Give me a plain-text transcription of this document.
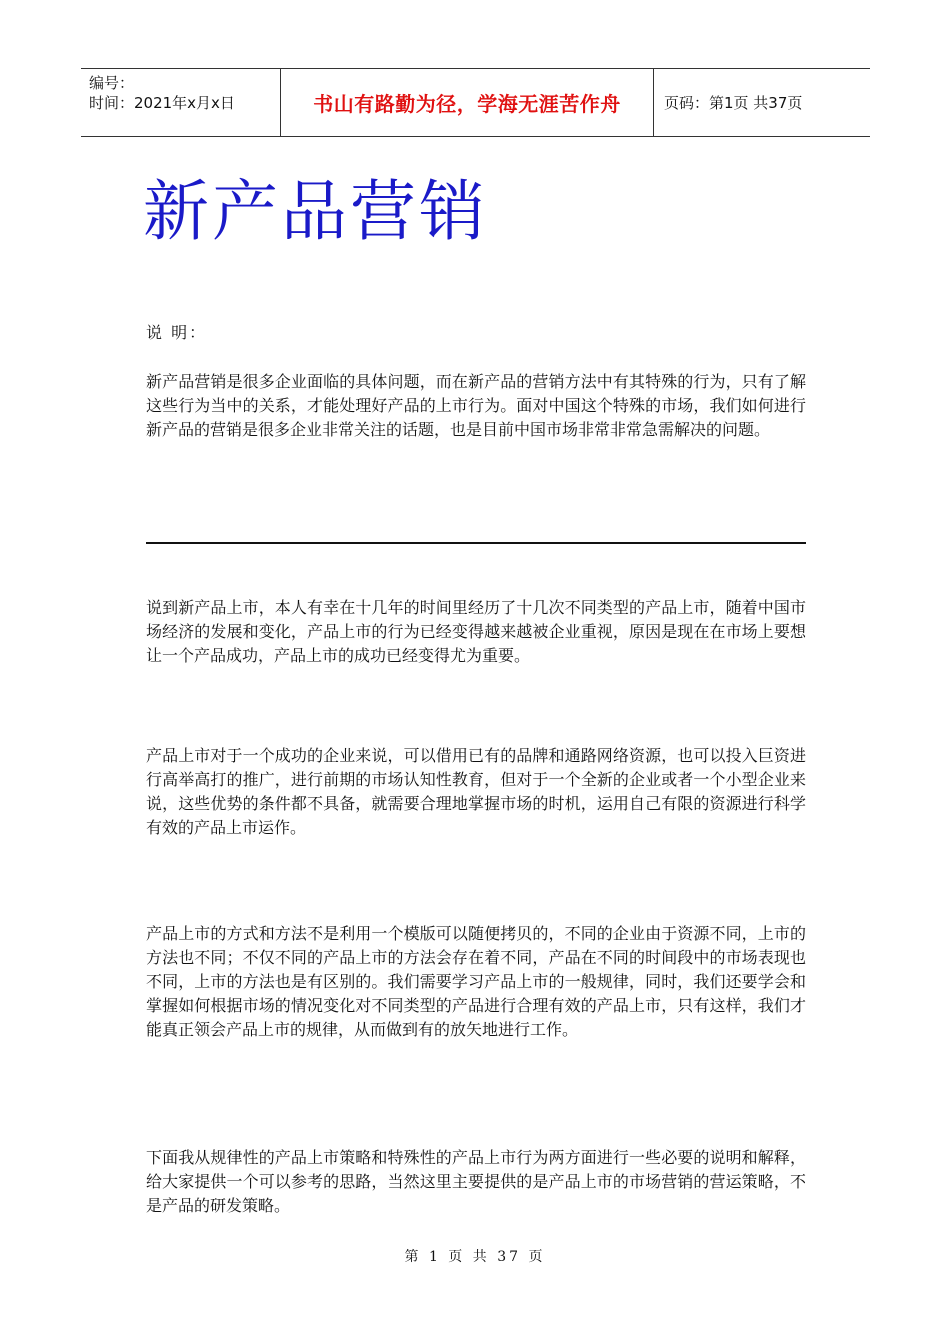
编号：
时间：2021年x月x日	书山有路勤为径，学海无涯苦作舟	页码：第1页 共37页
新产品营销
说 明：

新产品营销是很多企业面临的具体问题，而在新产品的营销方法中有其特殊的行为，只有了解这些行为当中的关系，才能处理好产品的上市行为。面对中国这个特殊的市场，我们如何进行新产品的营销是很多企业非常关注的话题，也是目前中国市场非常非常急需解决的问题。

说到新产品上市，本人有幸在十几年的时间里经历了十几次不同类型的产品上市，随着中国市场经济的发展和变化，产品上市的行为已经变得越来越被企业重视，原因是现在在市场上要想让一个产品成功，产品上市的成功已经变得尤为重要。

产品上市对于一个成功的企业来说，可以借用已有的品牌和通路网络资源，也可以投入巨资进行高举高打的推广，进行前期的市场认知性教育，但对于一个全新的企业或者一个小型企业来说，这些优势的条件都不具备，就需要合理地掌握市场的时机，运用自己有限的资源进行科学有效的产品上市运作。

产品上市的方式和方法不是利用一个模版可以随便拷贝的，不同的企业由于资源不同，上市的方法也不同；不仅不同的产品上市的方法会存在着不同，产品在不同的时间段中的市场表现也不同，上市的方法也是有区别的。我们需要学习产品上市的一般规律，同时，我们还要学会和掌握如何根据市场的情况变化对不同类型的产品进行合理有效的产品上市，只有这样，我们才能真正领会产品上市的规律，从而做到有的放矢地进行工作。

下面我从规律性的产品上市策略和特殊性的产品上市行为两方面进行一些必要的说明和解释，给大家提供一个可以参考的思路，当然这里主要提供的是产品上市的市场营销的营运策略，不是产品的研发策略。

第 1 页 共 37 页
